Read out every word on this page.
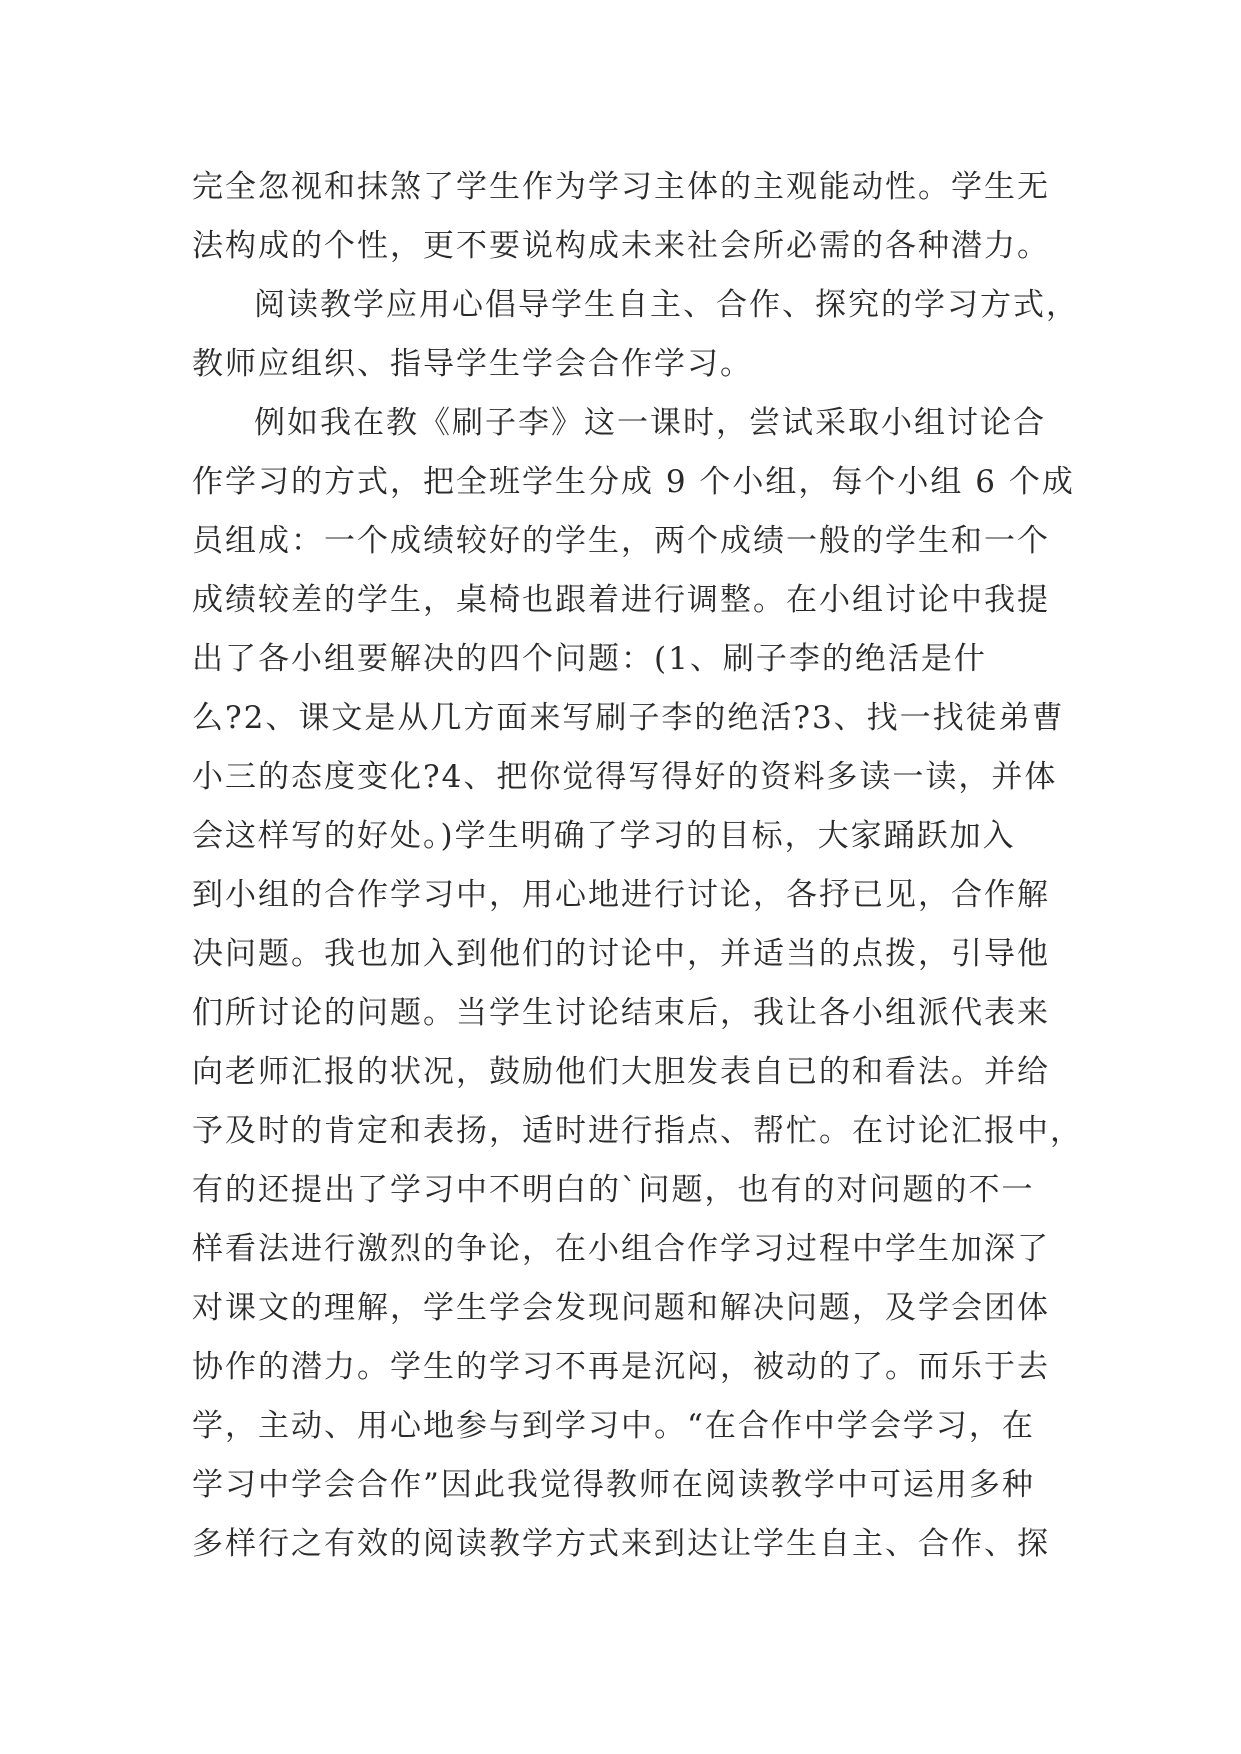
完全忽视和抹煞了学生作为学习主体的主观能动性。学生无
法构成的个性，更不要说构成未来社会所必需的各种潜力。
阅读教学应用心倡导学生自主、合作、探究的学习方式，
教师应组织、指导学生学会合作学习。
例如我在教《刷子李》这一课时，尝试采取小组讨论合
作学习的方式，把全班学生分成 9 个小组，每个小组 6 个成
员组成：一个成绩较好的学生，两个成绩一般的学生和一个
成绩较差的学生，桌椅也跟着进行调整。在小组讨论中我提
出了各小组要解决的四个问题：(1、刷子李的绝活是什
么?2、课文是从几方面来写刷子李的绝活?3、找一找徒弟曹
小三的态度变化?4、把你觉得写得好的资料多读一读，并体
会这样写的好处。)学生明确了学习的目标，大家踊跃加入
到小组的合作学习中，用心地进行讨论，各抒已见，合作解
决问题。我也加入到他们的讨论中，并适当的点拨，引导他
们所讨论的问题。当学生讨论结束后，我让各小组派代表来
向老师汇报的状况，鼓励他们大胆发表自已的和看法。并给
予及时的肯定和表扬，适时进行指点、帮忙。在讨论汇报中，
有的还提出了学习中不明白的`问题，也有的对问题的不一
样看法进行激烈的争论，在小组合作学习过程中学生加深了
对课文的理解，学生学会发现问题和解决问题，及学会团体
协作的潜力。学生的学习不再是沉闷，被动的了。而乐于去
学，主动、用心地参与到学习中。“在合作中学会学习，在
学习中学会合作”因此我觉得教师在阅读教学中可运用多种
多样行之有效的阅读教学方式来到达让学生自主、合作、探
